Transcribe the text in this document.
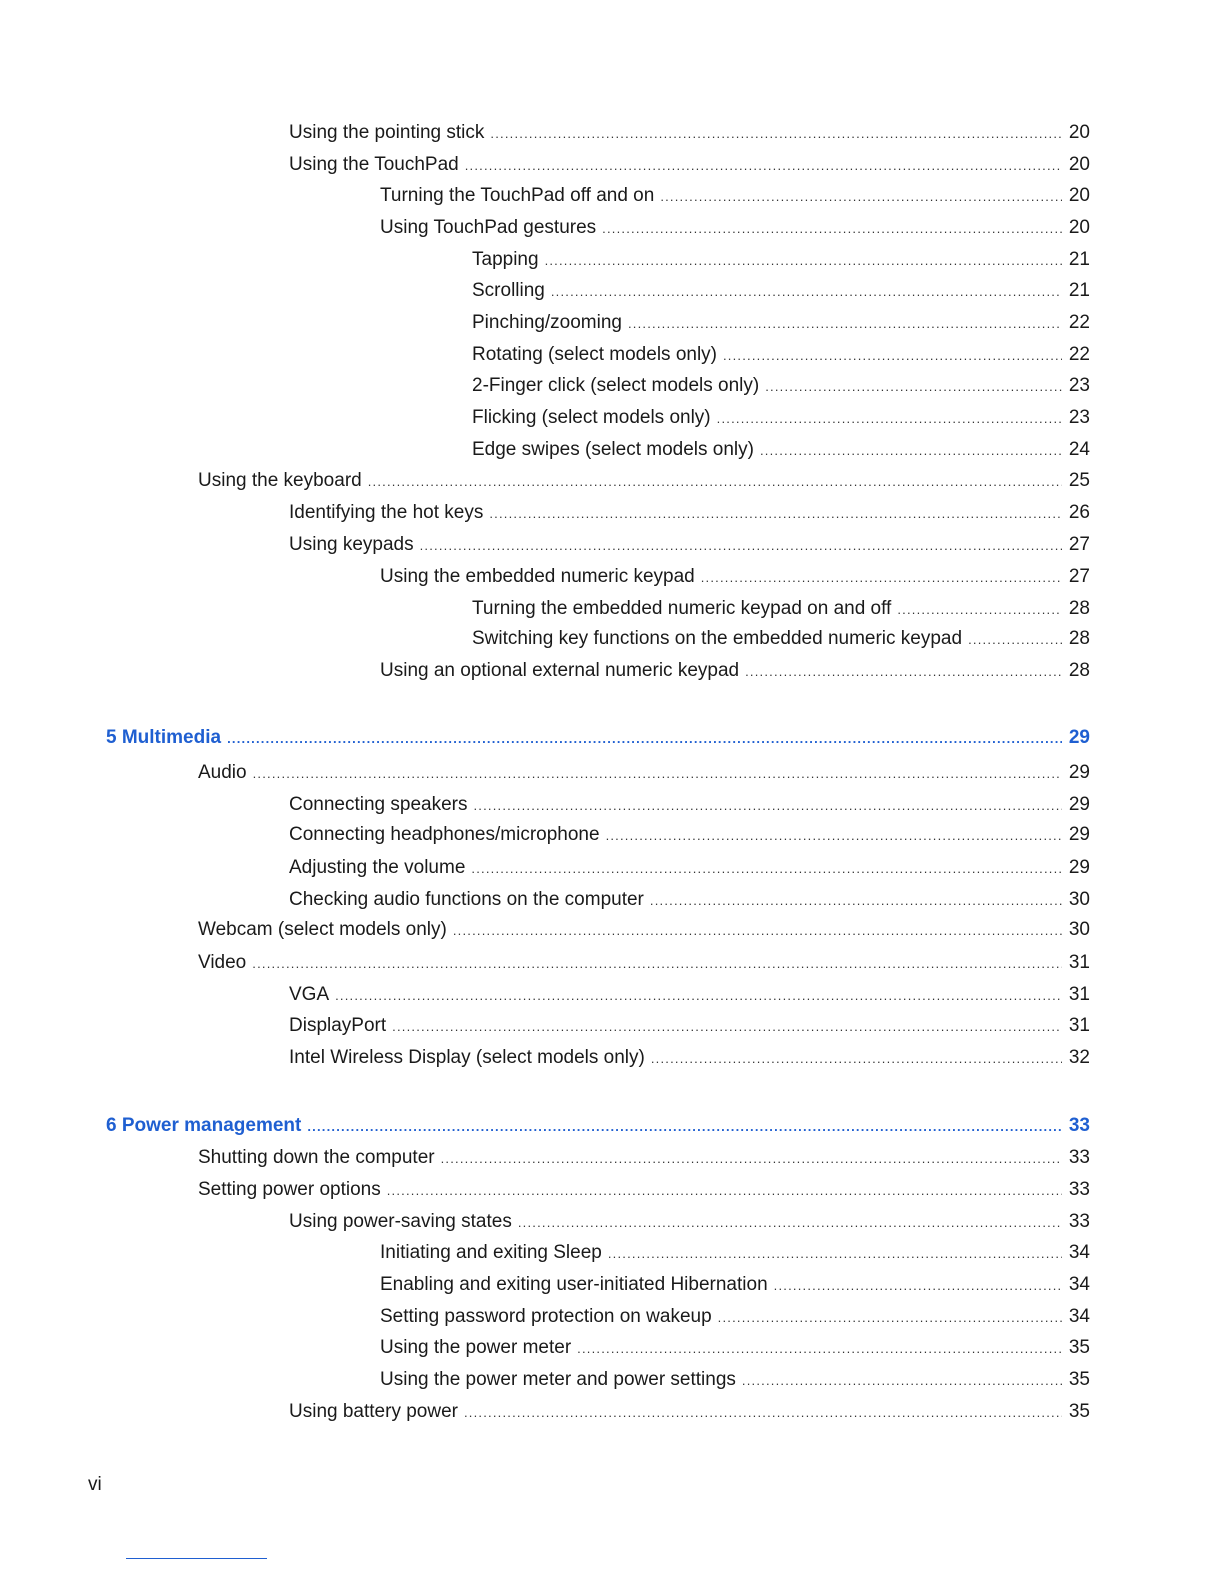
Using the pointing stick .....	20
Using the TouchPad .....	20
Turning the TouchPad off and on .....	20
Using TouchPad gestures .....	20
Tapping .....	21
Scrolling .....	21
Pinching/zooming .....	22
Rotating (select models only) .....	22
2-Finger click (select models only) .....	23
Flicking (select models only) .....	23
Edge swipes (select models only) .....	24
Using the keyboard .....	25
Identifying the hot keys .....	26
Using keypads .....	27
Using the embedded numeric keypad .....	27
Turning the embedded numeric keypad on and off .....	28
Switching key functions on the embedded numeric keypad .....	28
Using an optional external numeric keypad .....	28
5 Multimedia .....	29
Audio .....	29
Connecting speakers .....	29
Connecting headphones/microphone .....	29
Adjusting the volume .....	29
Checking audio functions on the computer .....	30
Webcam (select models only) .....	30
Video .....	31
VGA .....	31
DisplayPort .....	31
Intel Wireless Display (select models only) .....	32
6 Power management .....	33
Shutting down the computer .....	33
Setting power options .....	33
Using power-saving states .....	33
Initiating and exiting Sleep .....	34
Enabling and exiting user-initiated Hibernation .....	34
Setting password protection on wakeup .....	34
Using the power meter .....	35
Using the power meter and power settings .....	35
Using battery power .....	35
vi
